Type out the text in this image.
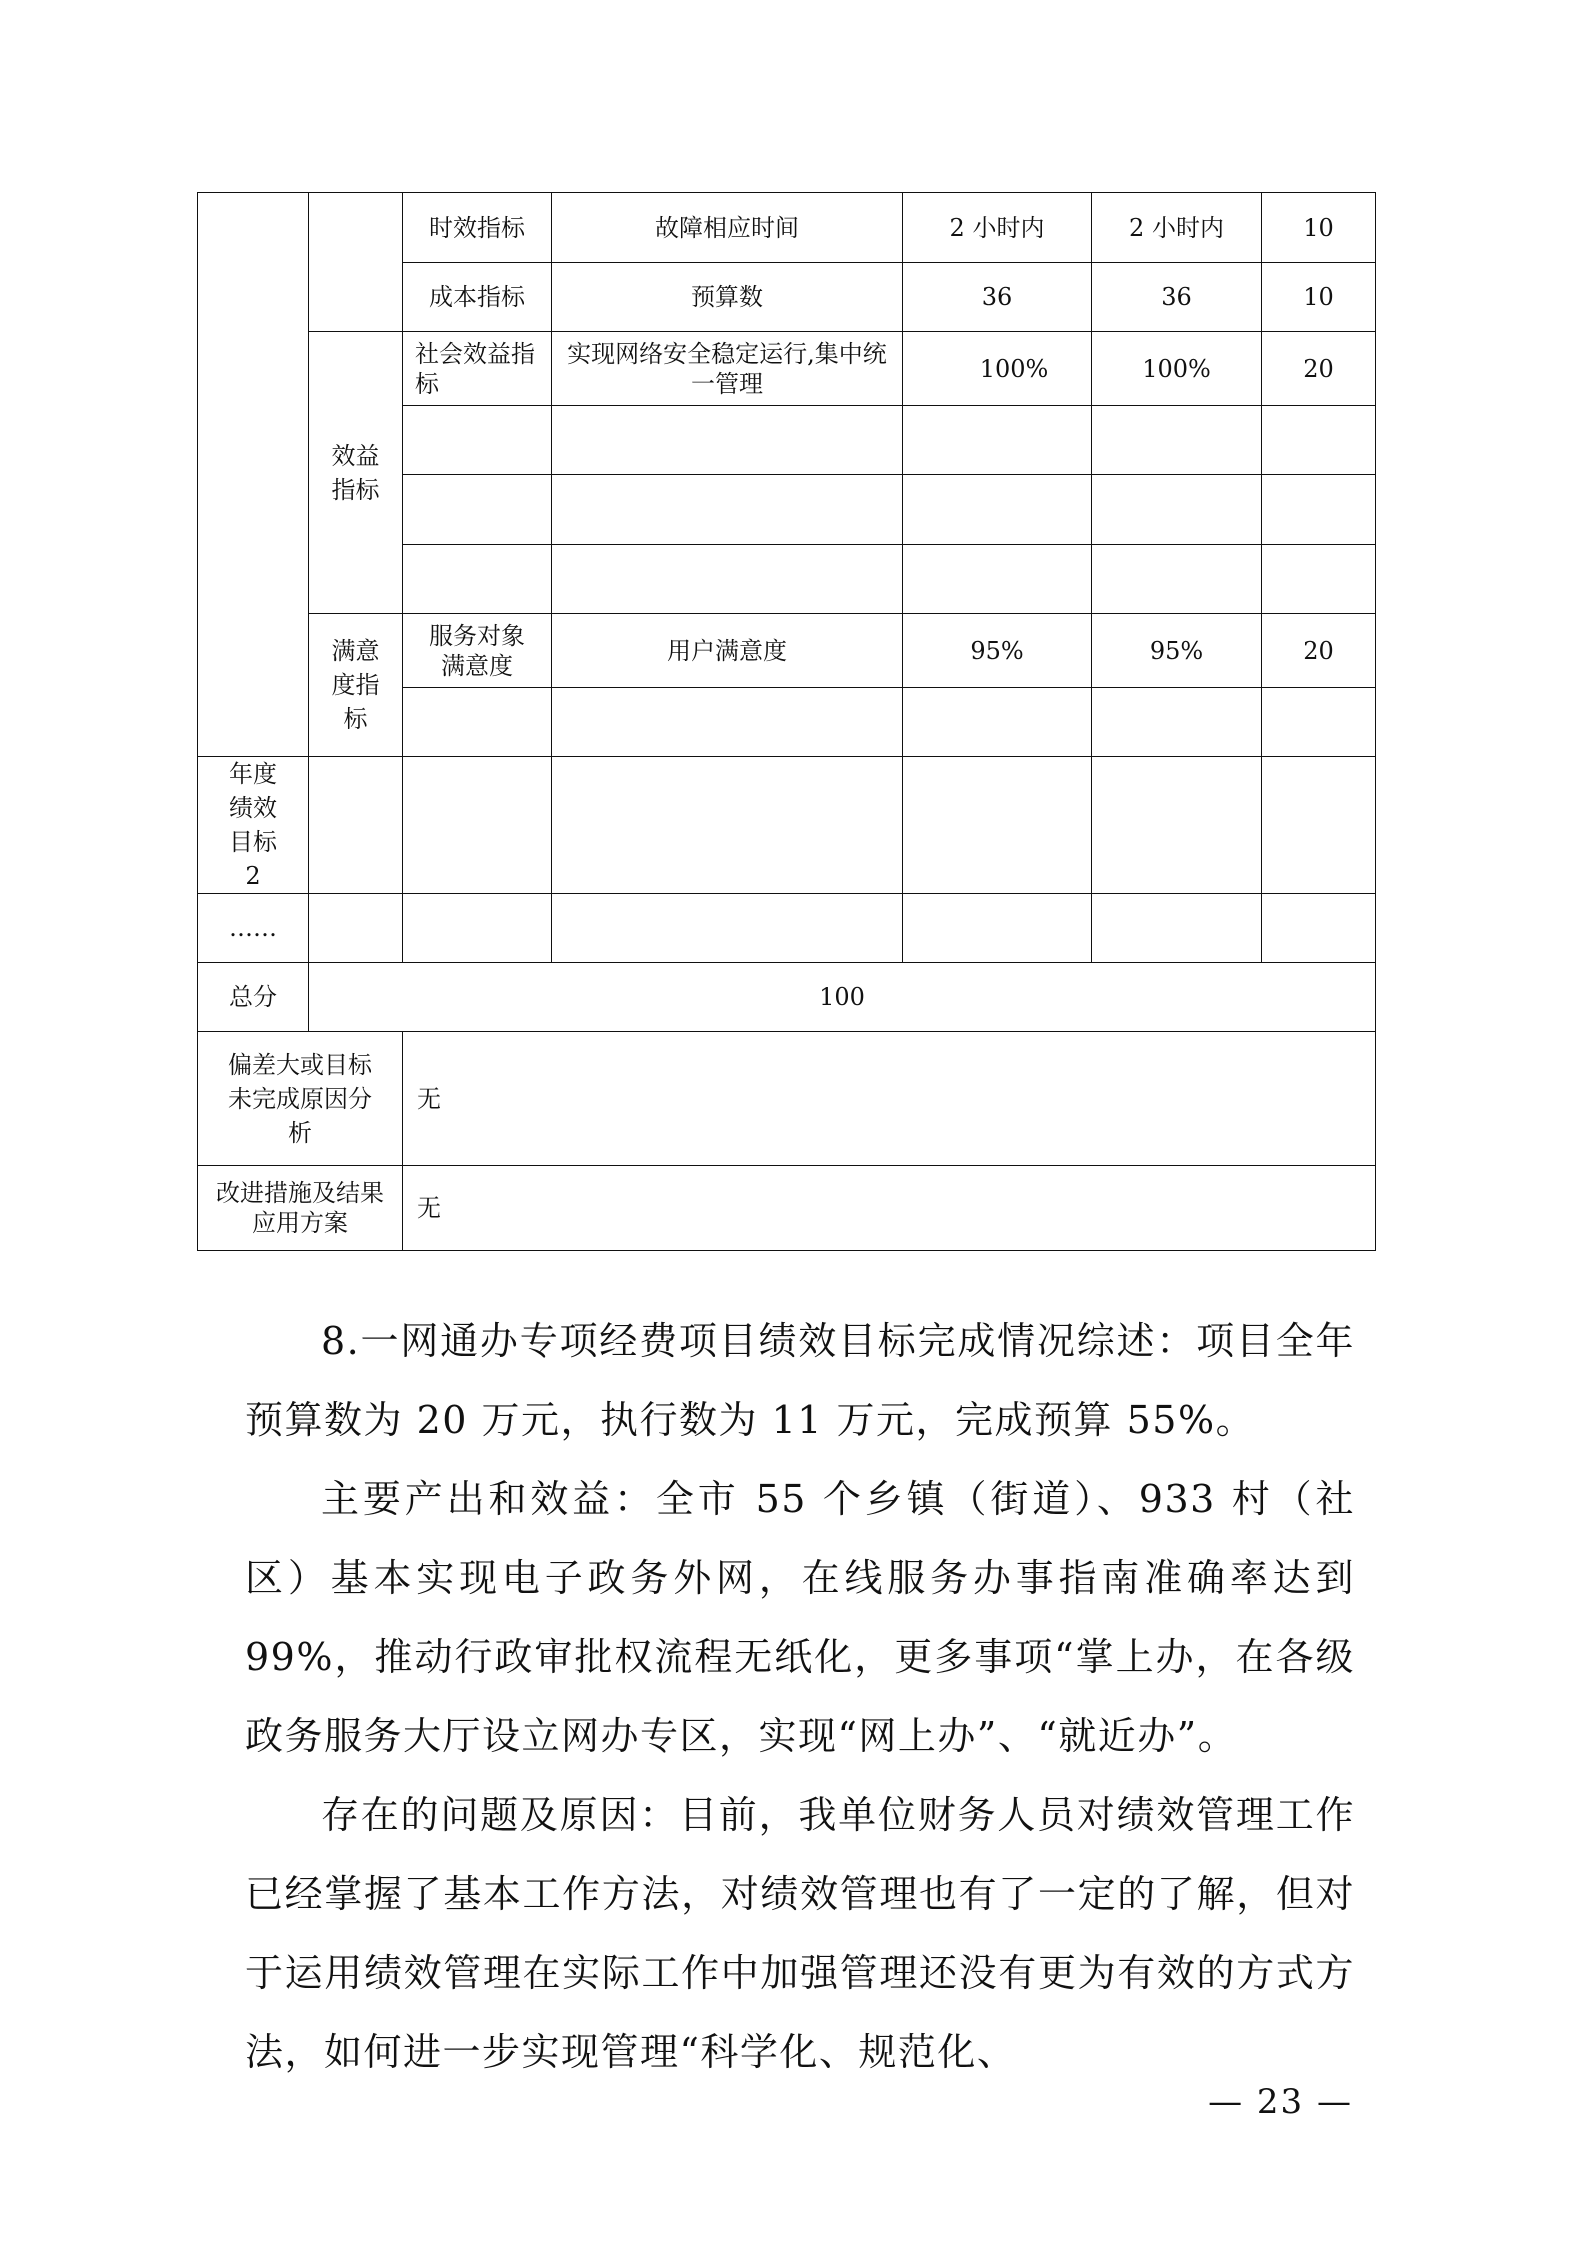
		时效指标	故障相应时间	2 小时内	2 小时内	10
		成本指标	预算数	36	36	10
	效益指标	社会效益指标	实现网络安全稳定运行,集中统一管理	100%	100%	20

	满意度指标	服务对象满意度	用户满意度	95%	95%	20

年度绩效目标 2						
……						
总分	100					
偏差大或目标未完成原因分析		无				
改进措施及结果应用方案		无				

8.一网通办专项经费项目绩效目标完成情况综述：项目全年预算数为 20 万元，执行数为 11 万元，完成预算 55%。

主要产出和效益：全市 55 个乡镇（街道）、933 村（社区）基本实现电子政务外网，在线服务办事指南准确率达到 99%，推动行政审批权流程无纸化，更多事项“掌上办，在各级政务服务大厅设立网办专区，实现“网上办”、“就近办”。

存在的问题及原因：目前，我单位财务人员对绩效管理工作已经掌握了基本工作方法，对绩效管理也有了一定的了解，但对于运用绩效管理在实际工作中加强管理还没有更为有效的方式方法，如何进一步实现管理“科学化、规范化、

— 23 —
